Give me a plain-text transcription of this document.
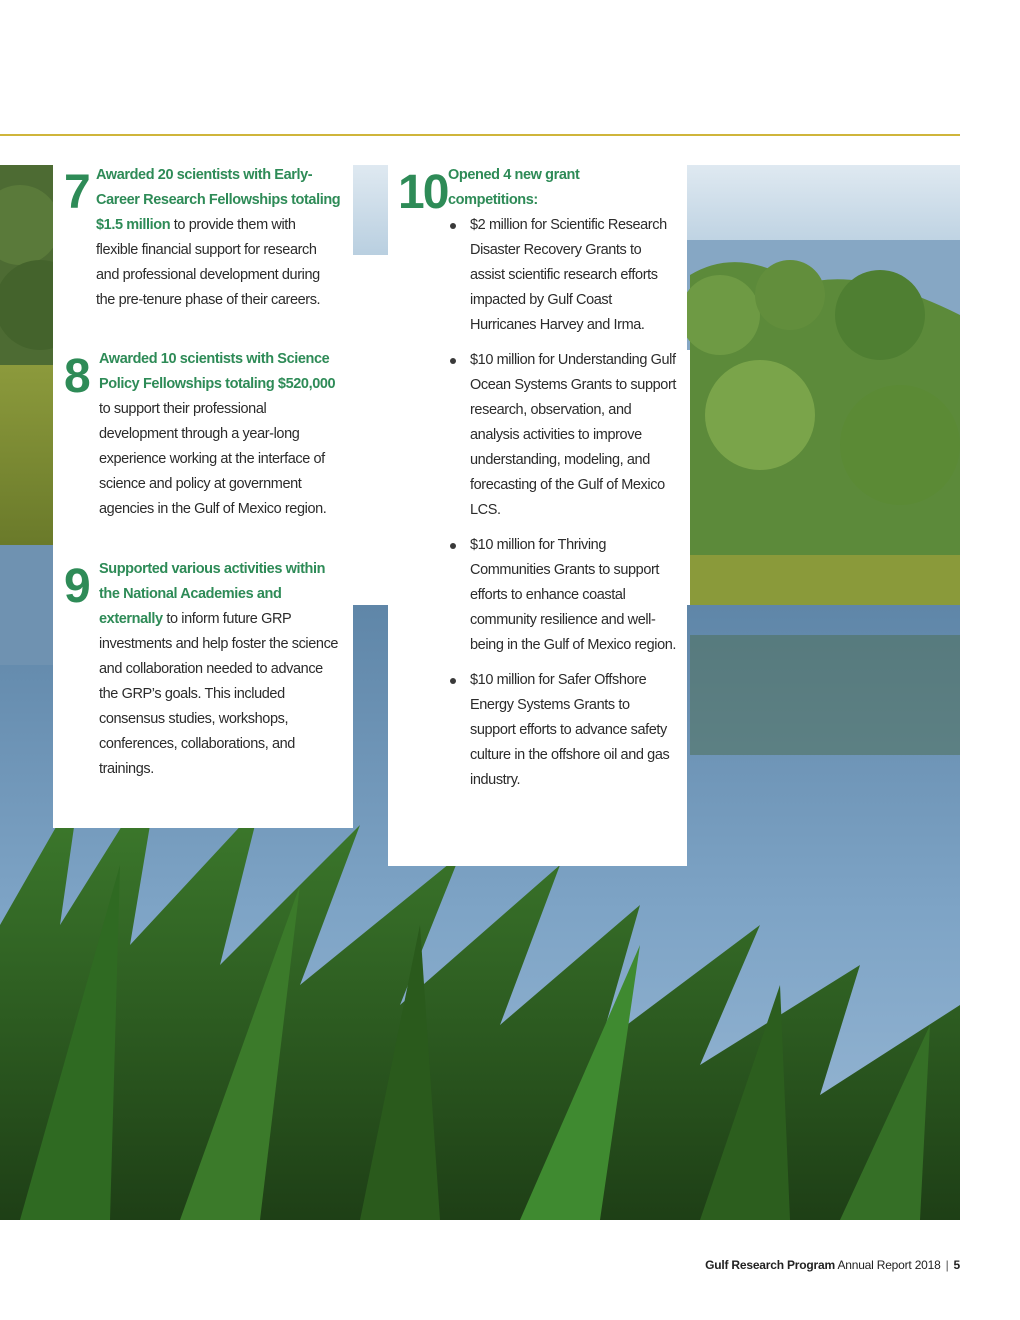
7 Awarded 20 scientists with Early-Career Research Fellowships totaling $1.5 million to provide them with flexible financial support for research and professional development during the pre-tenure phase of their careers.
8 Awarded 10 scientists with Science Policy Fellowships totaling $520,000 to support their professional development through a year-long experience working at the interface of science and policy at government agencies in the Gulf of Mexico region.
9 Supported various activities within the National Academies and externally to inform future GRP investments and help foster the science and collaboration needed to advance the GRP’s goals. This included consensus studies, workshops, conferences, collaborations, and trainings.
10 Opened 4 new grant competitions:
$2 million for Scientific Research Disaster Recovery Grants to assist scientific research efforts impacted by Gulf Coast Hurricanes Harvey and Irma.
$10 million for Understanding Gulf Ocean Systems Grants to support research, observation, and analysis activities to improve understanding, modeling, and forecasting of the Gulf of Mexico LCS.
$10 million for Thriving Communities Grants to support efforts to enhance coastal community resilience and well-being in the Gulf of Mexico region.
$10 million for Safer Offshore Energy Systems Grants to support efforts to advance safety culture in the offshore oil and gas industry.
Gulf Research Program Annual Report 2018 | 5
